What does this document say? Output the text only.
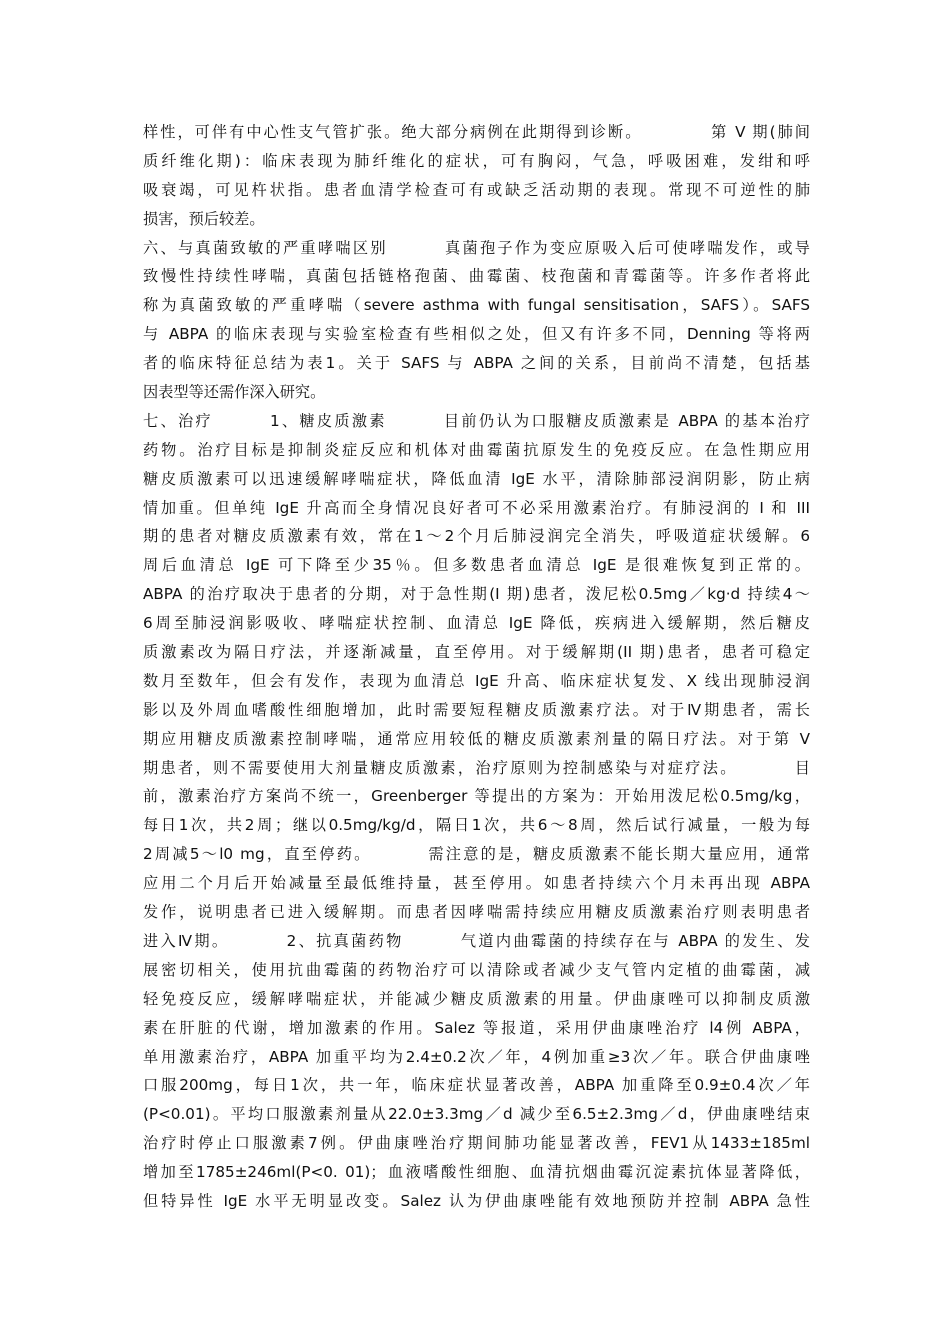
样性，可伴有中心性支气管扩张。绝大部分病例在此期得到诊断。          第 V 期(肺间
质纤维化期)：临床表现为肺纤维化的症状，可有胸闷，气急，呼吸困难，发绀和呼
吸衰竭，可见杵状指。患者血清学检查可有或缺乏活动期的表现。常现不可逆性的肺
损害，预后较差。
六、与真菌致敏的严重哮喘区别        真菌孢子作为变应原吸入后可使哮喘发作，或导
致慢性持续性哮喘，真菌包括链格孢菌、曲霉菌、枝孢菌和青霉菌等。许多作者将此
称为真菌致敏的严重哮喘（severe asthma with fungal sensitisation，SAFS）。SAFS
与 ABPA 的临床表现与实验室检查有些相似之处，但又有许多不同，Denning 等将两
者的临床特征总结为表1。关于 SAFS 与 ABPA 之间的关系，目前尚不清楚，包括基
因表型等还需作深入研究。
七、治疗        1、糖皮质激素        目前仍认为口服糖皮质激素是 ABPA 的基本治疗
药物。治疗目标是抑制炎症反应和机体对曲霉菌抗原发生的免疫反应。在急性期应用
糖皮质激素可以迅速缓解哮喘症状，降低血清 IgE 水平，清除肺部浸润阴影，防止病
情加重。但单纯 IgE 升高而全身情况良好者可不必采用激素治疗。有肺浸润的 I 和 III
期的患者对糖皮质激素有效，常在1～2个月后肺浸润完全消失，呼吸道症状缓解。6
周后血清总 IgE 可下降至少35％。但多数患者血清总 IgE 是很难恢复到正常的。
ABPA 的治疗取决于患者的分期，对于急性期(I 期)患者，泼尼松0.5mg／kg·d 持续4～
6周至肺浸润影吸收、哮喘症状控制、血清总 IgE 降低，疾病进入缓解期，然后糖皮
质激素改为隔日疗法，并逐渐减量，直至停用。对于缓解期(II 期)患者，患者可稳定
数月至数年，但会有发作，表现为血清总 IgE 升高、临床症状复发、X 线出现肺浸润
影以及外周血嗜酸性细胞增加，此时需要短程糖皮质激素疗法。对于Ⅳ期患者，需长
期应用糖皮质激素控制哮喘，通常应用较低的糖皮质激素剂量的隔日疗法。对于第 V
期患者，则不需要使用大剂量糖皮质激素，治疗原则为控制感染与对症疗法。        目
前，激素治疗方案尚不统一，Greenberger 等提出的方案为：开始用泼尼松0.5mg/kg，
每日1次，共2周；继以0.5mg/kg/d，隔日1次，共6～8周，然后试行减量，一般为每
2周减5～l0 mg，直至停药。        需注意的是，糖皮质激素不能长期大量应用，通常
应用二个月后开始减量至最低维持量，甚至停用。如患者持续六个月未再出现 ABPA
发作，说明患者已进入缓解期。而患者因哮喘需持续应用糖皮质激素治疗则表明患者
进入Ⅳ期。        2、抗真菌药物        气道内曲霉菌的持续存在与 ABPA 的发生、发
展密切相关，使用抗曲霉菌的药物治疗可以清除或者减少支气管内定植的曲霉菌，减
轻免疫反应，缓解哮喘症状，并能减少糖皮质激素的用量。伊曲康唑可以抑制皮质激
素在肝脏的代谢，增加激素的作用。Salez 等报道，采用伊曲康唑治疗 l4例 ABPA，
单用激素治疗，ABPA 加重平均为2.4±0.2次／年，4例加重≥3次／年。联合伊曲康唑
口服200mg，每日1次，共一年，临床症状显著改善，ABPA 加重降至0.9±0.4次／年
(P<0.01)。平均口服激素剂量从22.0±3.3mg／d 减少至6.5±2.3mg／d，伊曲康唑结束
治疗时停止口服激素7例。伊曲康唑治疗期间肺功能显著改善，FEV1从1433±185ml
增加至1785±246ml(P<0. 01)；血液嗜酸性细胞、血清抗烟曲霉沉淀素抗体显著降低，
但特异性 IgE 水平无明显改变。Salez 认为伊曲康唑能有效地预防并控制 ABPA 急性
